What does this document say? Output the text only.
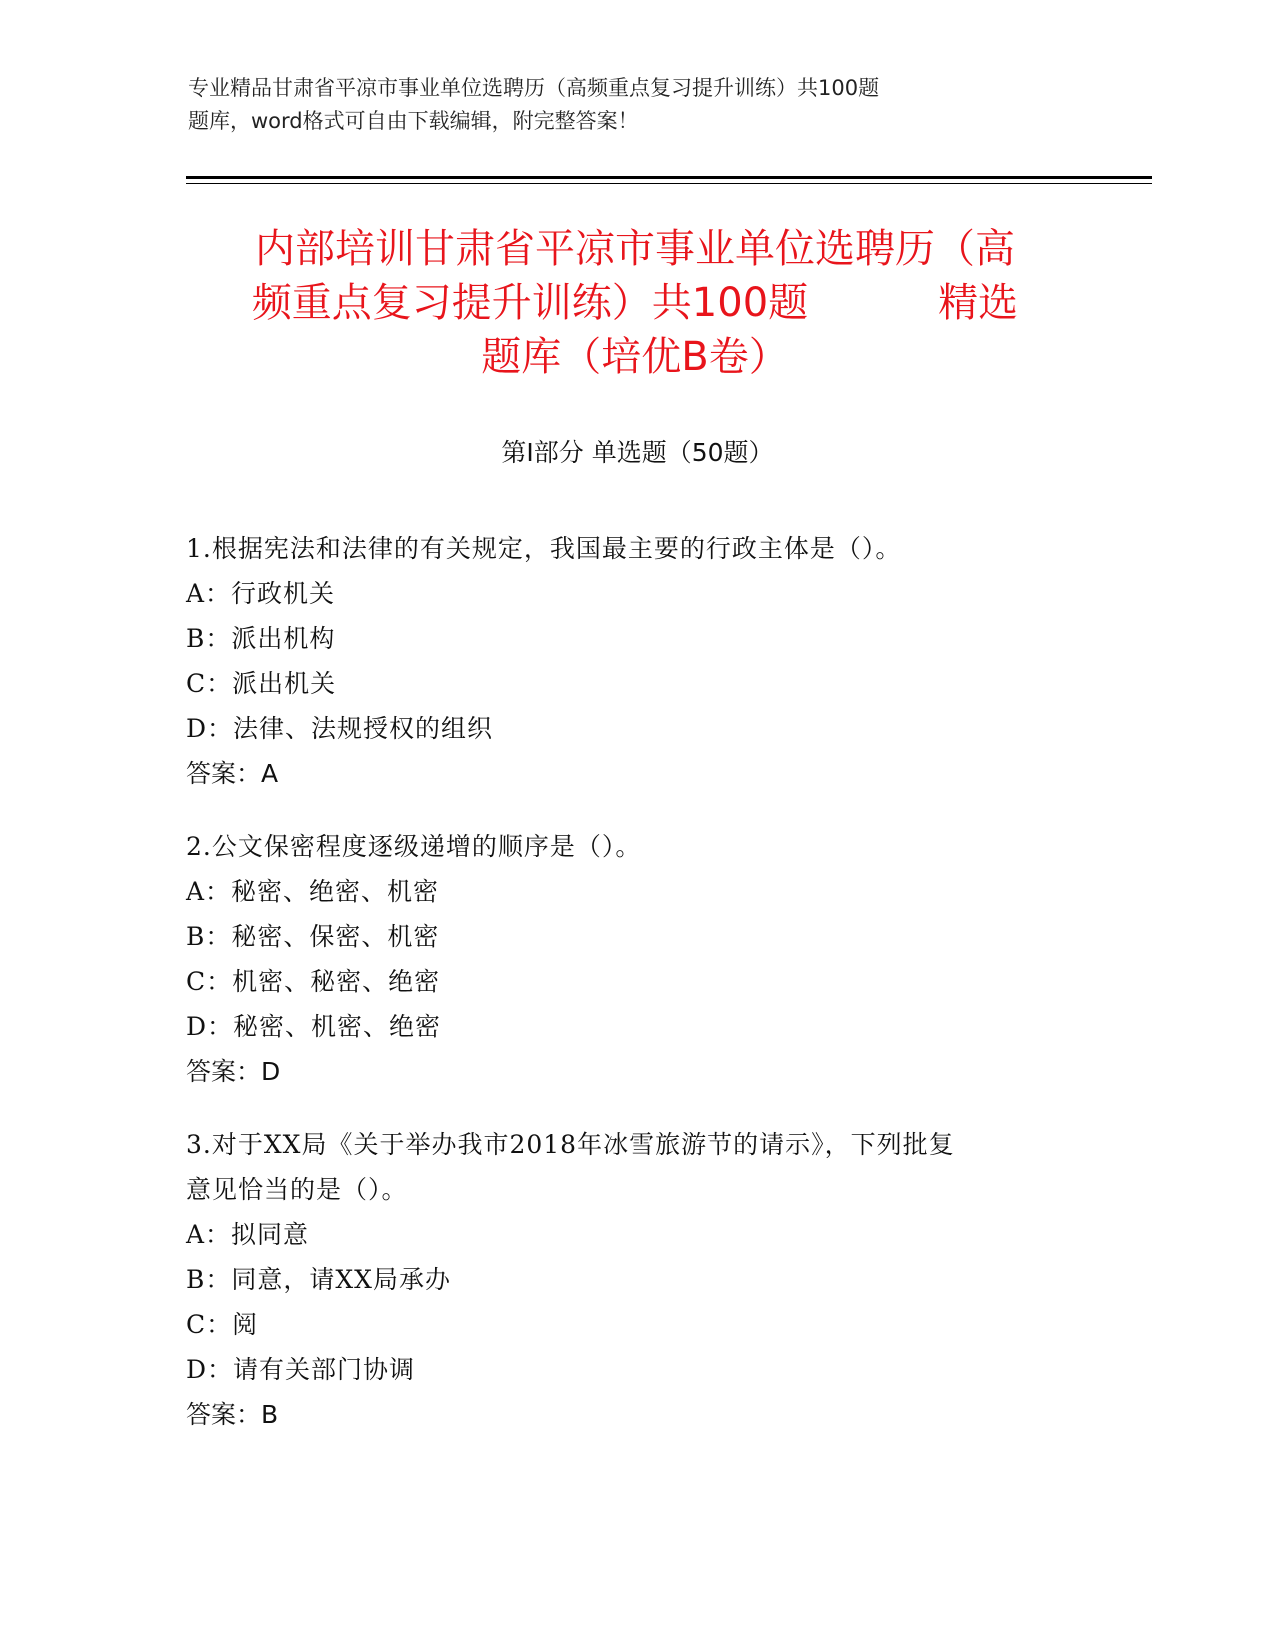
专业精品甘肃省平凉市事业单位选聘历（高频重点复习提升训练）共100题
题库，word格式可自由下载编辑，附完整答案！
内部培训甘肃省平凉市事业单位选聘历（高
频重点复习提升训练）共100题	精选
题库（培优B卷）
第Ⅰ部分 单选题（50题）
1.根据宪法和法律的有关规定，我国最主要的行政主体是（）。
A：行政机关
B：派出机构
C：派出机关
D：法律、法规授权的组织
答案：A
2.公文保密程度逐级递增的顺序是（）。
A：秘密、绝密、机密
B：秘密、保密、机密
C：机密、秘密、绝密
D：秘密、机密、绝密
答案：D
3.对于XX局《关于举办我市2018年冰雪旅游节的请示》，下列批复
意见恰当的是（）。
A：拟同意
B：同意，请XX局承办
C：阅
D：请有关部门协调
答案：B
